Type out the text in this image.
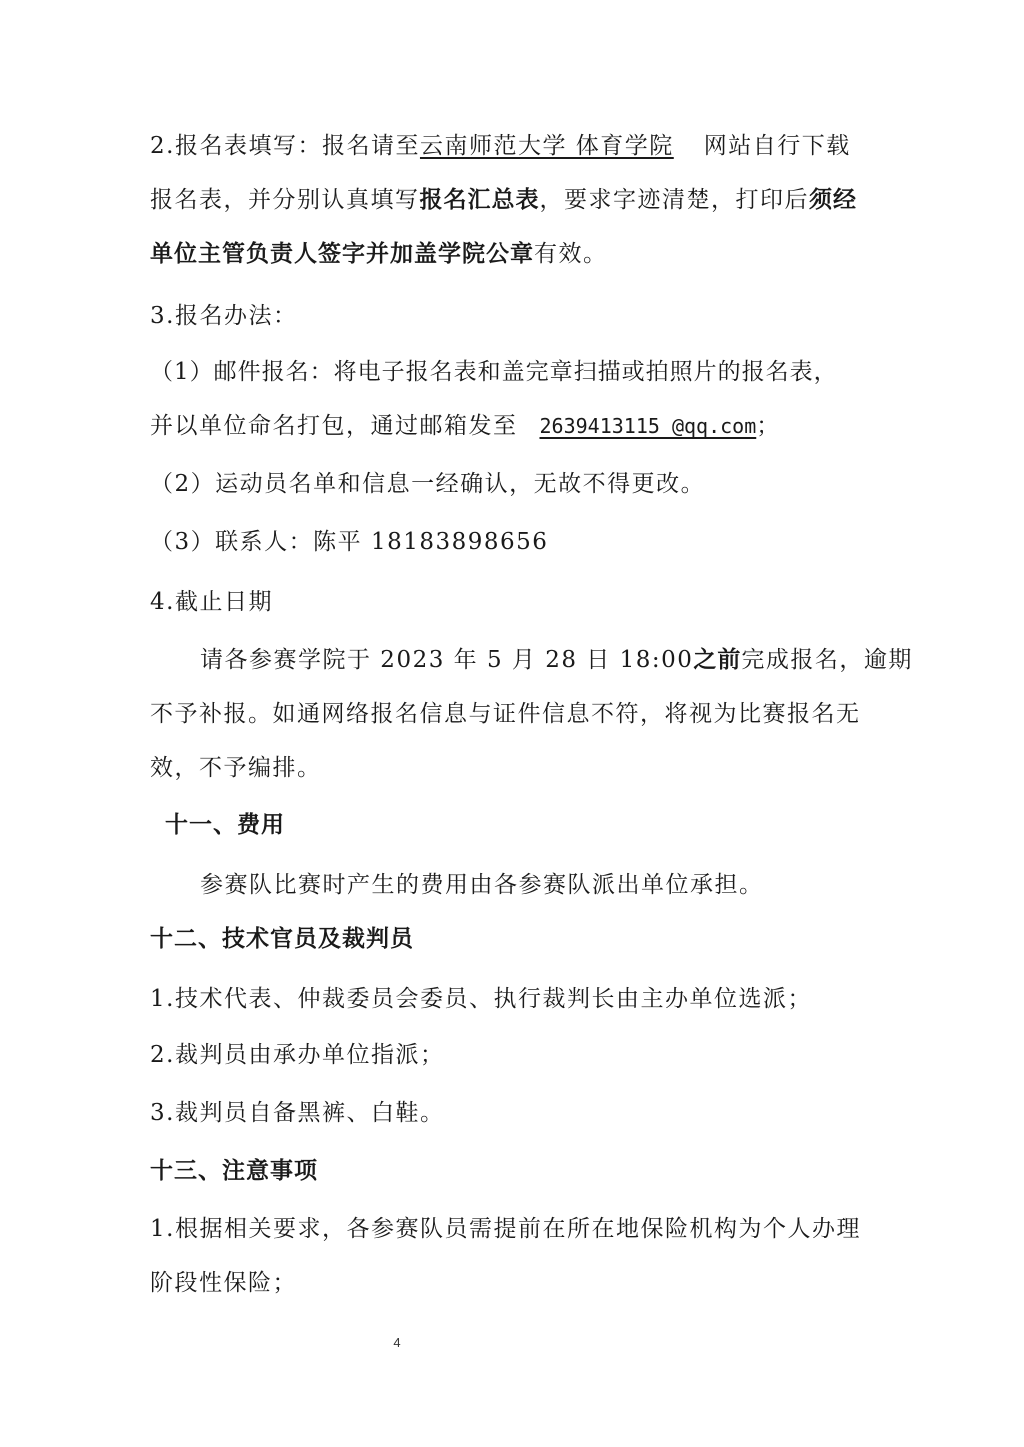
2.报名表填写：报名请至云南师范大学 体育学院 网站自行下载
报名表，并分别认真填写报名汇总表，要求字迹清楚，打印后须经
单位主管负责人签字并加盖学院公章有效。
3.报名办法：
（1）邮件报名：将电子报名表和盖完章扫描或拍照片的报名表，
并以单位命名打包，通过邮箱发至 2639413115 @qq.com；
（2）运动员名单和信息一经确认，无故不得更改。
（3）联系人：陈平 18183898656
4.截止日期
请各参赛学院于 2023 年 5 月 28 日 18:00之前完成报名，逾期
不予补报。如通网络报名信息与证件信息不符，将视为比赛报名无
效，不予编排。
十一、费用
参赛队比赛时产生的费用由各参赛队派出单位承担。
十二、技术官员及裁判员
1.技术代表、仲裁委员会委员、执行裁判长由主办单位选派；
2.裁判员由承办单位指派；
3.裁判员自备黑裤、白鞋。
十三、注意事项
1.根据相关要求，各参赛队员需提前在所在地保险机构为个人办理
阶段性保险；
4
